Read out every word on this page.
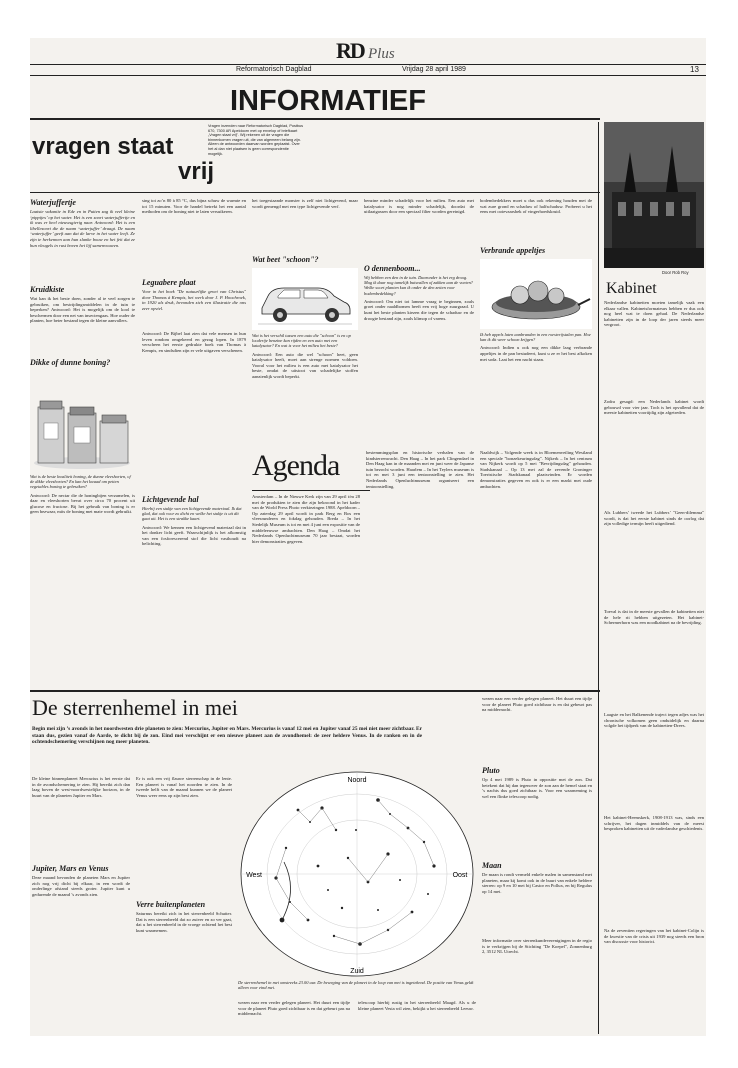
RD Plus
Reformatorisch Dagblad	Vrijdag 28 april 1989	13
INFORMATIEF
vragen staat
vrij
Vragen inzenden naar Reformatorisch Dagblad, Postbus 670, 7300 AR Apeldoorn met op envelop of briefkaart „Vragen staat vrij". Wij rekenen uit de vragen die binnenkomen vragen uit, die van algemeen belang zijn. Alleen de antwoorden daarvan worden geplaatst. Over het al dan niet plaatsen is geen correspondentie mogelijk.
Waterjuffertje
Laatste vakantie in Ede en in Putten zag ik veel kleine ‘pippijes’ op het water. Het is een soort waterjuffertje en ik was er heel nieuwsgierig naar. Antwoord: Het is een libellesoort die de naam ‘waterjuffer’ draagt. De naam ‘waterjuffer’ geeft aan dat de larve in het water leeft. Ze zijn te herkennen aan hun slanke bouw en het feit dat ze hun vleugels in rust boven het lijf samenvouwen.
Kruidkiste
Wat kan ik het beste doen, zonder al te veel zorgen te gebruiken, om bestrijdingsmiddelen in de tuin te beperken? Antwoord: Het is mogelijk om de kool te beschermen door een net van insectengaas. Hoe ouder de planten, hoe beter bestand tegen de kleine aanvallers.
Dikke of dunne boning?
Wat is de beste kwaliteit boning, de dunne vleeshorten, of de dikke vleeshorten? En kan het kwaad om petten vegetables boning te gebruiken?
Antwoord: De nectar die de honingbijen verzamelen, is daar en vleeshorten bevat over circa 70 procent uit glucose en fructose. Bij het gebruik van boning is er geen bezwaar, mits de boning met mate wordt gebruikt.
sing tot zo’n 80 à 85 °C, dus bijna schuw de warmte en tot 15 minuten. Voor de handel betrekt het een aantal methoden om de honing niet te laten versuikeren.
Leguabere plaat
Voor in het boek "De natuurlijke groei van Christus" door Thomas à Kempis, het werk door J. P. Hoochroek, in 1920 als druk, bevonden zich een illustratie die ons zeer opviel.
Antwoord: De Bijbel laat zien dat vele mensen in hun leven rondom omgekeerd en gezag lopen. In 1879 verscheen het eerste gedrukte boek van Thomas à Kempis, en sindsdien zijn er vele uitgaven verschenen.
Lichtgevende hal
Hierbij een stukje van een lichtgevende materiaal. Ik dat glad, dat ook voor zo dicht en welke het stukje is uit dit gaat uit. Het is een strakke kaart.
Antwoord: We kennen een lichtgevend materiaal dat in het donker licht geeft. Waarschijnlijk is het afkomstig van een fosforescerend stof die licht vasthoudt na belichting.
het toegestaande monster is zelf niet lichtgevend, maar wordt gemengd met een type lichtgevende verf.
Wat beet "schoon"?
Wat is het verschil tussen een auto die "schoon" is en op loodvrije benzine kan rijden en een auto met een katalysator? En wat is voor het milieu het beste?
Antwoord: Een auto die wel "schoon" heet, geen katalysator heeft, moet aan strenge normen voldoen. Vooral voor het milieu is een auto met katalysator het beste, omdat de uitstoot van schadelijke stoffen aanzienlijk wordt beperkt.
benzine minder schadelijk voor het milieu. Een auto met katalysator is nog minder schadelijk, doordat de uitlaatgassen door een speciaal filter worden gereinigd.
O dennenboom...
Wij hebben een den in de tuin. Daaronder is het erg droog. Mag ik daar nog tamelijk buisvallen of zakken aan de voeten? Welke soort planten kun ik onder de den zetten voor bodembedekking?
Antwoord: Om niet tot lamme vraag te beginnen, zoals groei onder naaldbomen heeft een vrij hoge zuurgraad. U kunt het beste planten kiezen die tegen de schaduw en de droogte bestand zijn, zoals klimop of varens.
bodembedekkers moet u dus ook rekening houden met de wat zure grond en schaduw of halfschaduw. Probeert u het eens met ooievaarsbek of vingerhoedskruid.
Verbrande appeltjes
Ik heb appels laten aanbranden in een roestvrijstalen pan. Hoe kan ik dit weer schoon krijgen?
Antwoord: Indien u ook nog een dikke laag verbrande appeltjes in de pan bestudeert, kunt u ze er het best afkoken met soda. Laat het een nacht staan.
Agenda
Amsterdam – In de Nieuwe Kerk zijn van 29 april t/m 28 mei de produkten te zien die zijn bekroond in het kader van de World Press Photo verkiezingen 1988. Apeldoorn – Op zaterdag 29 april wordt in park Berg en Bos een vleesrunderen en fokdag gehouden. Breda – In het Stedelijk Museum is tot en met 4 juni een expositie van de middeleeuwse ambachten. Den Haag – Omdat het Nederlands Openluchtmuseum 70 jaar bestaat, worden hier demonstraties gegeven.
bestemmingsplan en historische verhalen van de kindsterrenwacht. Den Haag – In het park Clingendael in Den Haag kan in de maanden mei en juni weer de Japanse tuin bezocht worden. Haarlem – In het Teylers museum is tot en met 3 juni een tentoonstelling te zien. Het Nederlands Openluchtmuseum organiseert een tentoonstelling.
Naaldwijk – Volgende week is in Bloemenveiling Westland een speciale "bonzekeuringsdag". Nijkerk – In het centrum van Nijkerk wordt op 5 mei "Bevrijdingsdag" gehouden. Stadskanaal – Op 13 mei zal de zevende Groninger Toeristische Stadskanaal plaatsvinden. Er worden demonstraties gegeven en ook is er een markt met oude ambachten.
De sterrenhemel in mei
Begin mei zijn ’s avonds in het noordwesten drie planeten te zien: Mercurius, Jupiter en Mars. Mercurius is vanaf 12 mei en Jupiter vanaf 25 mei niet meer zichtbaar. Er staan dus, gezien vanaf de Aarde, te dicht bij de zon. Eind mei verschijnt er een nieuwe planeet aan de avondhemel: de zeer heldere Venus. In de ranken en in de ochtendschemering verschijnen nog meer planeten.
De kleine binnenplaneet Mercurius is het eerste dat in de avondschemering te zien. Hij bereikt zich dan laag boven de west-noordwestelijke horizon, in de buurt van de planeten Jupiter en Mars.
Jupiter, Mars en Venus
Deze maand bevonden de planeten Mars en Jupiter zich nog vrij dicht bij elkaar, in een wordt de onderlinge afstand steeds groter. Jupiter kunt u gedurende de maand ’s avonds zien.
Er is ook een vrij flauwe sterrenschap in de lente. Een planeet is vanaf het noorden te zien. In de tweede helft van de maand kunnen we de planeet Venus weer eens op zijn best zien.
Verre buitenplaneten
Saturnus bereikt zich in het sterrenbeeld Schutter. Dat is een sterrenbeeld dat zo zuiver en zo ver gaat, dat u het sterrenbeeld in de vroege ochtend het best kunt waarnemen.
Noord
Zuid
Oost
West
De sterrenhemel in mei omstreeks 23.00 uur. De beweging van de planeet in de loop van mei is ingetekend. De positie van Venus geldt alleen voor eind mei.
wezen naar een verder gelegen planeet. Het duurt een tijdje voor de planeet Pluto goed zichtbaar is en dat gebeurt pas na middernacht.
telescoop hierbij rustig in het sterrenbeeld Maagd. Als u de kleine planeet Vesta wil zien, bekijkt u het sterrenbeeld Leeuw.
wezen naar een verder gelegen planeet. Het duurt een tijdje voor de planeet Pluto goed zichtbaar is en dat gebeurt pas na middernacht.
Pluto
Op 4 mei 1989 is Pluto in oppositie met de zon. Dat betekent dat hij dan tegenover de zon aan de hemel staat en ’s nachts dus goed zichtbaar is. Voor een waarneming is wel een flinke telescoop nodig.
Maan
De maan is rondt vermeld enkele malen in samenstand met planeten, maar kij komt ook in de buurt van enkele heldere sterren: op 9 en 10 mei bij Castor en Pollux, en bij Regulus op 14 mei.
Meer informatie over sterrenkundeverenigingen in de regio is te verkrijgen bij de Stichting "De Koepel", Zonnenburg 2, 3512 NL Utrecht.
Door Rob Roy
Kabinet
Nederlandse kabinetten moeten tamelijk vaak een elkaar vallen. Kabinetsformateurs hebben er dus ook nog heel wat te doen gehad. De Nederlandse kabinetten zijn in de loop der jaren steeds meer vergroot.
Zodra gesagd: een Nederlands kabinet wordt gebouwd voor vier jaar. Toch is het opvallend dat de meeste kabinetten voortijdig zijn afgetreden.
Als Lubbers’ tweede het Lubbers’ "Geen-dilemma" wordt, is dat het eerste kabinet sinds de oorlog dat zijn volledige termijn heeft uitgediend.
Toeval is dat in de meeste gevallen de kabinetten niet de hele rit hebben uitgezeten. Het kabinet-Schermerhorn was een noodkabinet na de bevrijding.
Laagste en het Balkenende traject tegen adjes was het chronische volkomen geen onduidelijk en daarna volgde het tijdperk van de kabinetten-Drees.
Het kabinet-Heemskerk, 1908-1913 was, sinds een schrijver, het dagen inmiddels van de meest besproken kabinetten uit de vaderlandse geschiedenis.
Na de zeventien regeringen van het kabinet-Colijn is de kwestie van de crisis uit 1939 nog steeds een bron van discussie voor historici.
